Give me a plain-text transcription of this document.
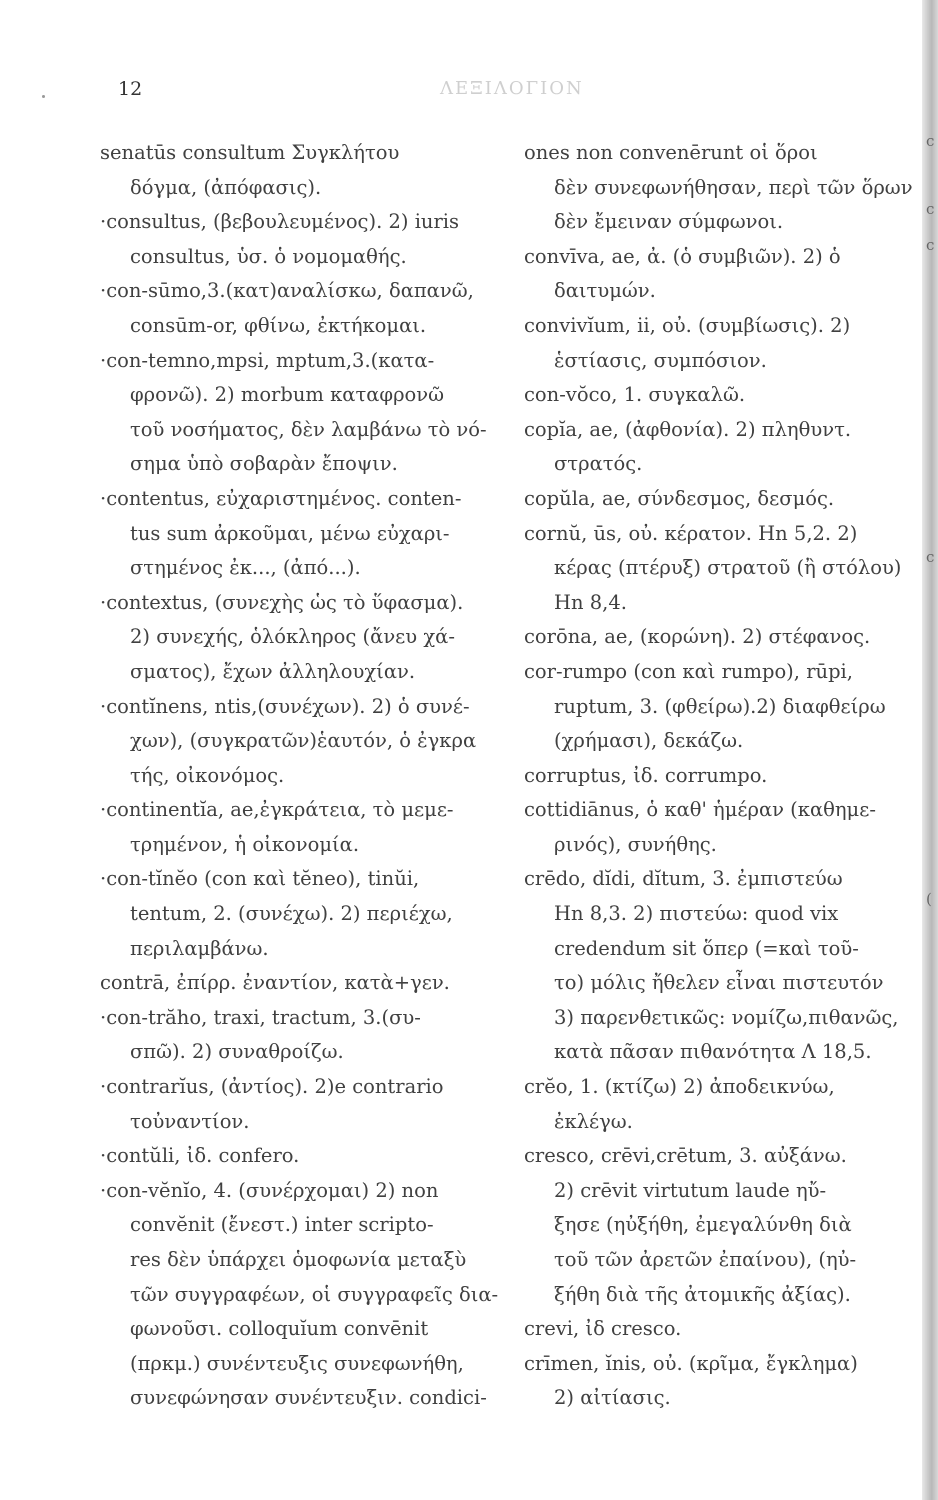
12	ΛΕΞΙΛΟΓΙΟΝ
senatūs consultum Συγκλήτου
δόγμα, (ἀπόφασις).
·consultus, (βεβουλευμένος). 2) iuris
consultus, ὑσ. ὁ νομομαθής.
·con-sūmo,3.(κατ)αναλίσκω, δαπανῶ,
consūm-or, φθίνω, ἐκτήκομαι.
·con-temno,mpsi, mptum,3.(κατα-
φρονῶ). 2) morbum καταφρονῶ
τοῦ νοσήματος, δὲν λαμβάνω τὸ νό-
σημα ὑπὸ σοβαρὰν ἔποψιν.
·contentus, εὐχαριστημένος. conten-
tus sum ἀρκοῦμαι, μένω εὐχαρι-
στημένος ἐκ..., (ἀπό...).
·contextus, (συνεχὴς ὡς τὸ ὕφασμα).
2) συνεχής, ὁλόκληρος (ἄνευ χά-
σματος), ἔχων ἀλληλουχίαν.
·contĭnens, ntis,(συνέχων). 2) ὁ συνέ-
χων), (συγκρατῶν)ἑαυτόν, ὁ ἐγκρα
τής, οἰκονόμος.
·continentĭa, ae,ἐγκράτεια, τὸ μεμε-
τρημένον, ἡ οἰκονομία.
·con-tĭnĕo (con καὶ tĕneo), tinŭi,
tentum, 2. (συνέχω). 2) περιέχω,
περιλαμβάνω.
contrā, ἐπίρρ. ἐναντίον, κατὰ+γεν.
·con-trăho, traxi, tractum, 3.(συ-
σπῶ). 2) συναθροίζω.
·contrarĭus, (ἀντίος). 2)e contrario
τοὐναντίον.
·contŭli, ἰδ. confero.
·con-vĕnĭo, 4. (συνέρχομαι) 2) non
convĕnit (ἔνεστ.) inter scripto-
res δὲν ὑπάρχει ὁμοφωνία μεταξὺ
τῶν συγγραφέων, οἱ συγγραφεῖς δια-
φωνοῦσι. colloquĭum convēnit
(πρκμ.) συνέντευξις συνεφωνήθη,
συνεφώνησαν συνέντευξιν. condici-
ones non convenērunt οἱ ὅροι
δὲν συνεφωνήθησαν, περὶ τῶν ὅρων
δὲν ἔμειναν σύμφωνοι.
convīva, ae, ἀ. (ὁ συμβιῶν). 2) ὁ
δαιτυμών.
convivĭum, ii, οὐ. (συμβίωσις). 2)
ἑστίασις, συμπόσιον.
con-vŏco, 1. συγκαλῶ.
copĭa, ae, (ἀφθονία). 2) πληθυντ.
στρατός.
copŭla, ae, σύνδεσμος, δεσμός.
cornŭ, ūs, οὐ. κέρατον. Hn 5,2. 2)
κέρας (πτέρυξ) στρατοῦ (ἢ στόλου)
Hn 8,4.
corōna, ae, (κορώνη). 2) στέφανος.
cor-rumpo (con καὶ rumpo), rūpi,
ruptum, 3. (φθείρω).2) διαφθείρω
(χρήμασι), δεκάζω.
corruptus, ἰδ. corrumpo.
cottidiānus, ὁ καθ' ἡμέραν (καθημε-
ρινός), συνήθης.
crēdo, dĭdi, dĭtum, 3. ἐμπιστεύω
Hn 8,3. 2) πιστεύω: quod vix
credendum sit ὅπερ (=καὶ τοῦ-
το) μόλις ἤθελεν εἶναι πιστευτόν
3) παρενθετικῶς: νομίζω,πιθανῶς,
κατὰ πᾶσαν πιθανότητα Λ 18,5.
crĕo, 1. (κτίζω) 2) ἀποδεικνύω,
ἐκλέγω.
cresco, crēvi,crētum, 3. αὐξάνω.
2) crēvit virtutum laude ηὔ-
ξησε (ηὐξήθη, ἐμεγαλύνθη διὰ
τοῦ τῶν ἀρετῶν ἐπαίνου), (ηὐ-
ξήθη διὰ τῆς ἀτομικῆς ἀξίας).
crevi, ἰδ cresco.
crīmen, ĭnis, οὐ. (κρῖμα, ἔγκλημα)
2) αἰτίασις.
c
c
c
c
(
